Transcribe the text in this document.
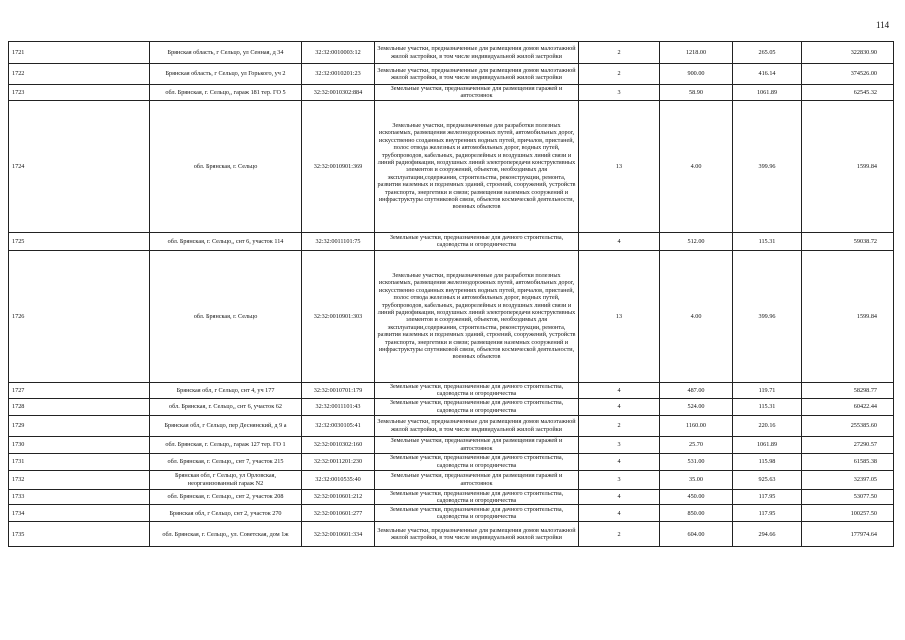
114
1721	Брянская область, г Сельцо, ул Сенная, д 34	32:32:0010003:12	Земельные участки, предназначенные для размещения домов малоэтажной жилой застройки, в том числе индивидуальной жилой застройки	2	1218.00	265.05	322830.90
1722	Брянская область, г Сельцо, ул Горького, уч 2	32:32:0010201:23	Земельные участки, предназначенные для размещения домов малоэтажной жилой застройки, в том числе индивидуальной жилой застройки	2	900.00	416.14	374526.00
1723	обл. Брянская, г. Сельцо,, гараж 181 тер. ГО 5	32:32:0010302:884	Земельные участки, предназначенные для размещения гаражей и автостоянок	3	58.90	1061.89	62545.32
1724	обл. Брянская, г. Сельцо	32:32:0010901:369	Земельные участки, предназначенные для разработки полезных ископаемых, размещения железнодорожных путей, автомобильных дорог, искусственно созданных внутренних водных путей, причалов, пристаней, полос отвода железных и автомобильных дорог, водных путей, трубопроводов, кабельных, радиорелейных и воздушных линий связи и линий радиофикации, воздушных линий электропередачи конструктивных элементов и сооружений, объектов, необходимых для эксплуатации,содержания, строительства, реконструкции, ремонта, развития наземных и подземных зданий, строений, сооружений, устройств транспорта, энергетики и связи; размещения наземных сооружений и инфраструктуры спутниковой связи, объектов космической деятельности, военных объектов	13	4.00	399.96	1599.84
1725	обл. Брянская, г. Сельцо,, снт 6, участок 114	32:32:0011101:75	Земельные участки, предназначенные для дачного строительства, садоводства и огородничества	4	512.00	115.31	59038.72
1726	обл. Брянская, г. Сельцо	32:32:0010901:303	Земельные участки, предназначенные для разработки полезных ископаемых, размещения железнодорожных путей, автомобильных дорог, искусственно созданных внутренних водных путей, причалов, пристаней, полос отвода железных и автомобильных дорог, водных путей, трубопроводов, кабельных, радиорелейных и воздушных линий связи и линий радиофикации, воздушных линий электропередачи конструктивных элементов и сооружений, объектов, необходимых для эксплуатации,содержания, строительства, реконструкции, ремонта, развития наземных и подземных зданий, строений, сооружений, устройств транспорта, энергетики и связи; размещения наземных сооружений и инфраструктуры спутниковой связи, объектов космической деятельности, военных объектов	13	4.00	399.96	1599.84
1727	Брянская обл, г Сельцо, снт 4, уч 177	32:32:0010701:179	Земельные участки, предназначенные для дачного строительства, садоводства и огородничества	4	487.00	119.71	58298.77
1728	обл. Брянская, г. Сельцо,, снт 6, участок 62	32:32:0011101:43	Земельные участки, предназначенные для дачного строительства, садоводства и огородничества	4	524.00	115.31	60422.44
1729	Брянская обл, г Сельцо, пер Деснянский, д 9 а	32:32:0030105:41	Земельные участки, предназначенные для размещения домов малоэтажной жилой застройки, в том числе индивидуальной жилой застройки	2	1160.00	220.16	255385.60
1730	обл. Брянская, г. Сельцо,, гараж 127 тер. ГО 1	32:32:0010302:160	Земельные участки, предназначенные для размещения гаражей и автостоянок	3	25.70	1061.89	27290.57
1731	обл. Брянская, г. Сельцо,, снт 7, участок 215	32:32:0011201:230	Земельные участки, предназначенные для дачного строительства, садоводства и огородничества	4	531.00	115.98	61585.38
1732	Брянская обл, г Сельцо, ул Орловская, неорганизованный гараж N2	32:32:0010535:40	Земельные участки, предназначенные для размещения гаражей и автостоянок	3	35.00	925.63	32397.05
1733	обл. Брянская, г. Сельцо,, снт 2, участок 208	32:32:0010601:212	Земельные участки, предназначенные для дачного строительства, садоводства и огородничества	4	450.00	117.95	53077.50
1734	Брянская обл, г Сельцо, снт 2, участок 270	32:32:0010601:277	Земельные участки, предназначенные для дачного строительства, садоводства и огородничества	4	850.00	117.95	100257.50
1735	обл. Брянская, г. Сельцо,, ул. Советская, дом 1ж	32:32:0010601:334	Земельные участки, предназначенные для размещения домов малоэтажной жилой застройки, в том числе индивидуальной жилой застройки	2	604.00	294.66	177974.64
